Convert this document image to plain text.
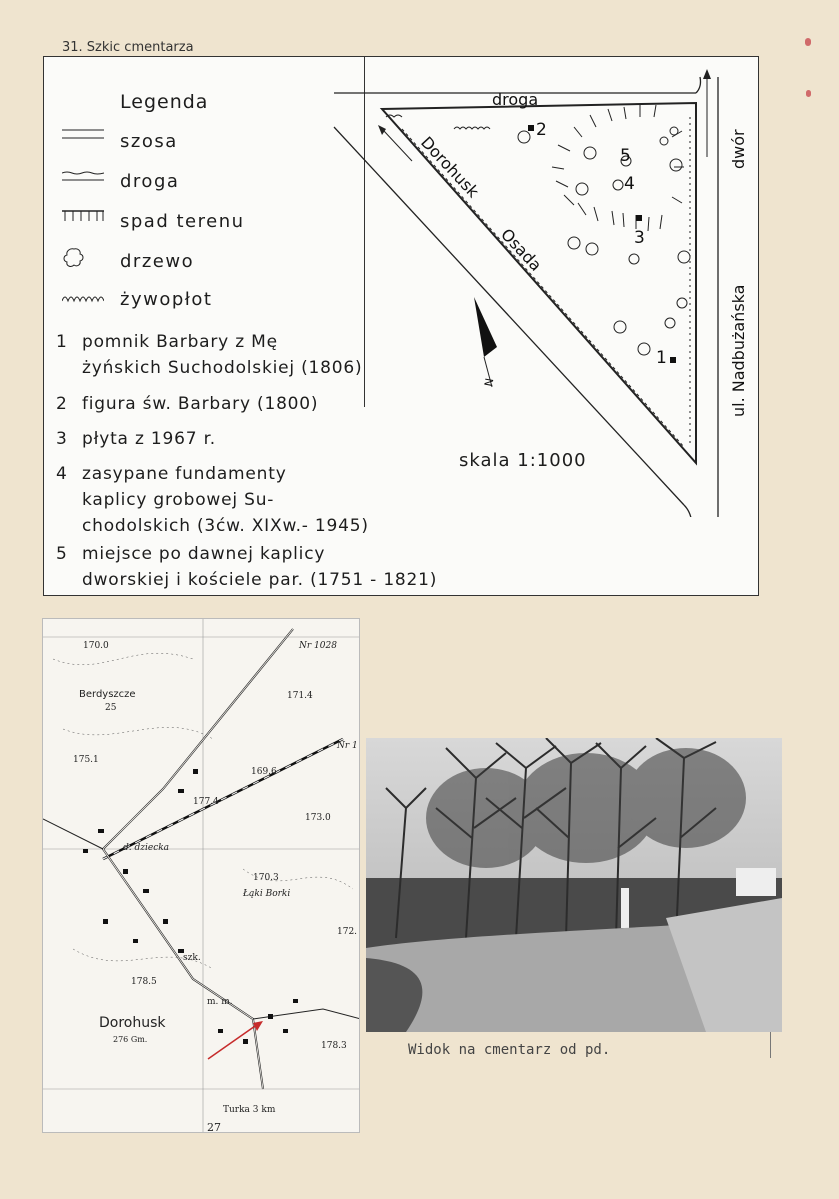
31. Szkic cmentarza
Legenda
szosa
droga
spad terenu
drzewo
żywopłot
1 pomnik Barbary z Mę
żyńskich Suchodolskiej (1806)
2 figura św. Barbary (1800)
3 płyta z 1967 r.
4 zasypane fundamenty
kaplicy grobowej Su-
chodolskich (3ćw. XIXw.- 1945)
5 miejsce po dawnej kaplicy
dworskiej i kościele par. (1751 - 1821)
2
3
4
5
1
droga
Dorohusk
Osada
ul. Nadbużańska
dwór
N
skala 1:1000
170.0	Nr 1028
Berdyszcze
25
171.4
Nr 1
175.1
169.6
177.4
173.0
d. dziecka
170.3
Łąki Borki
172.
szk.
178.5
m. m.
Dorohusk
276 Gm.
178.3
Turka 3 km
27
Widok na cmentarz od pd.
